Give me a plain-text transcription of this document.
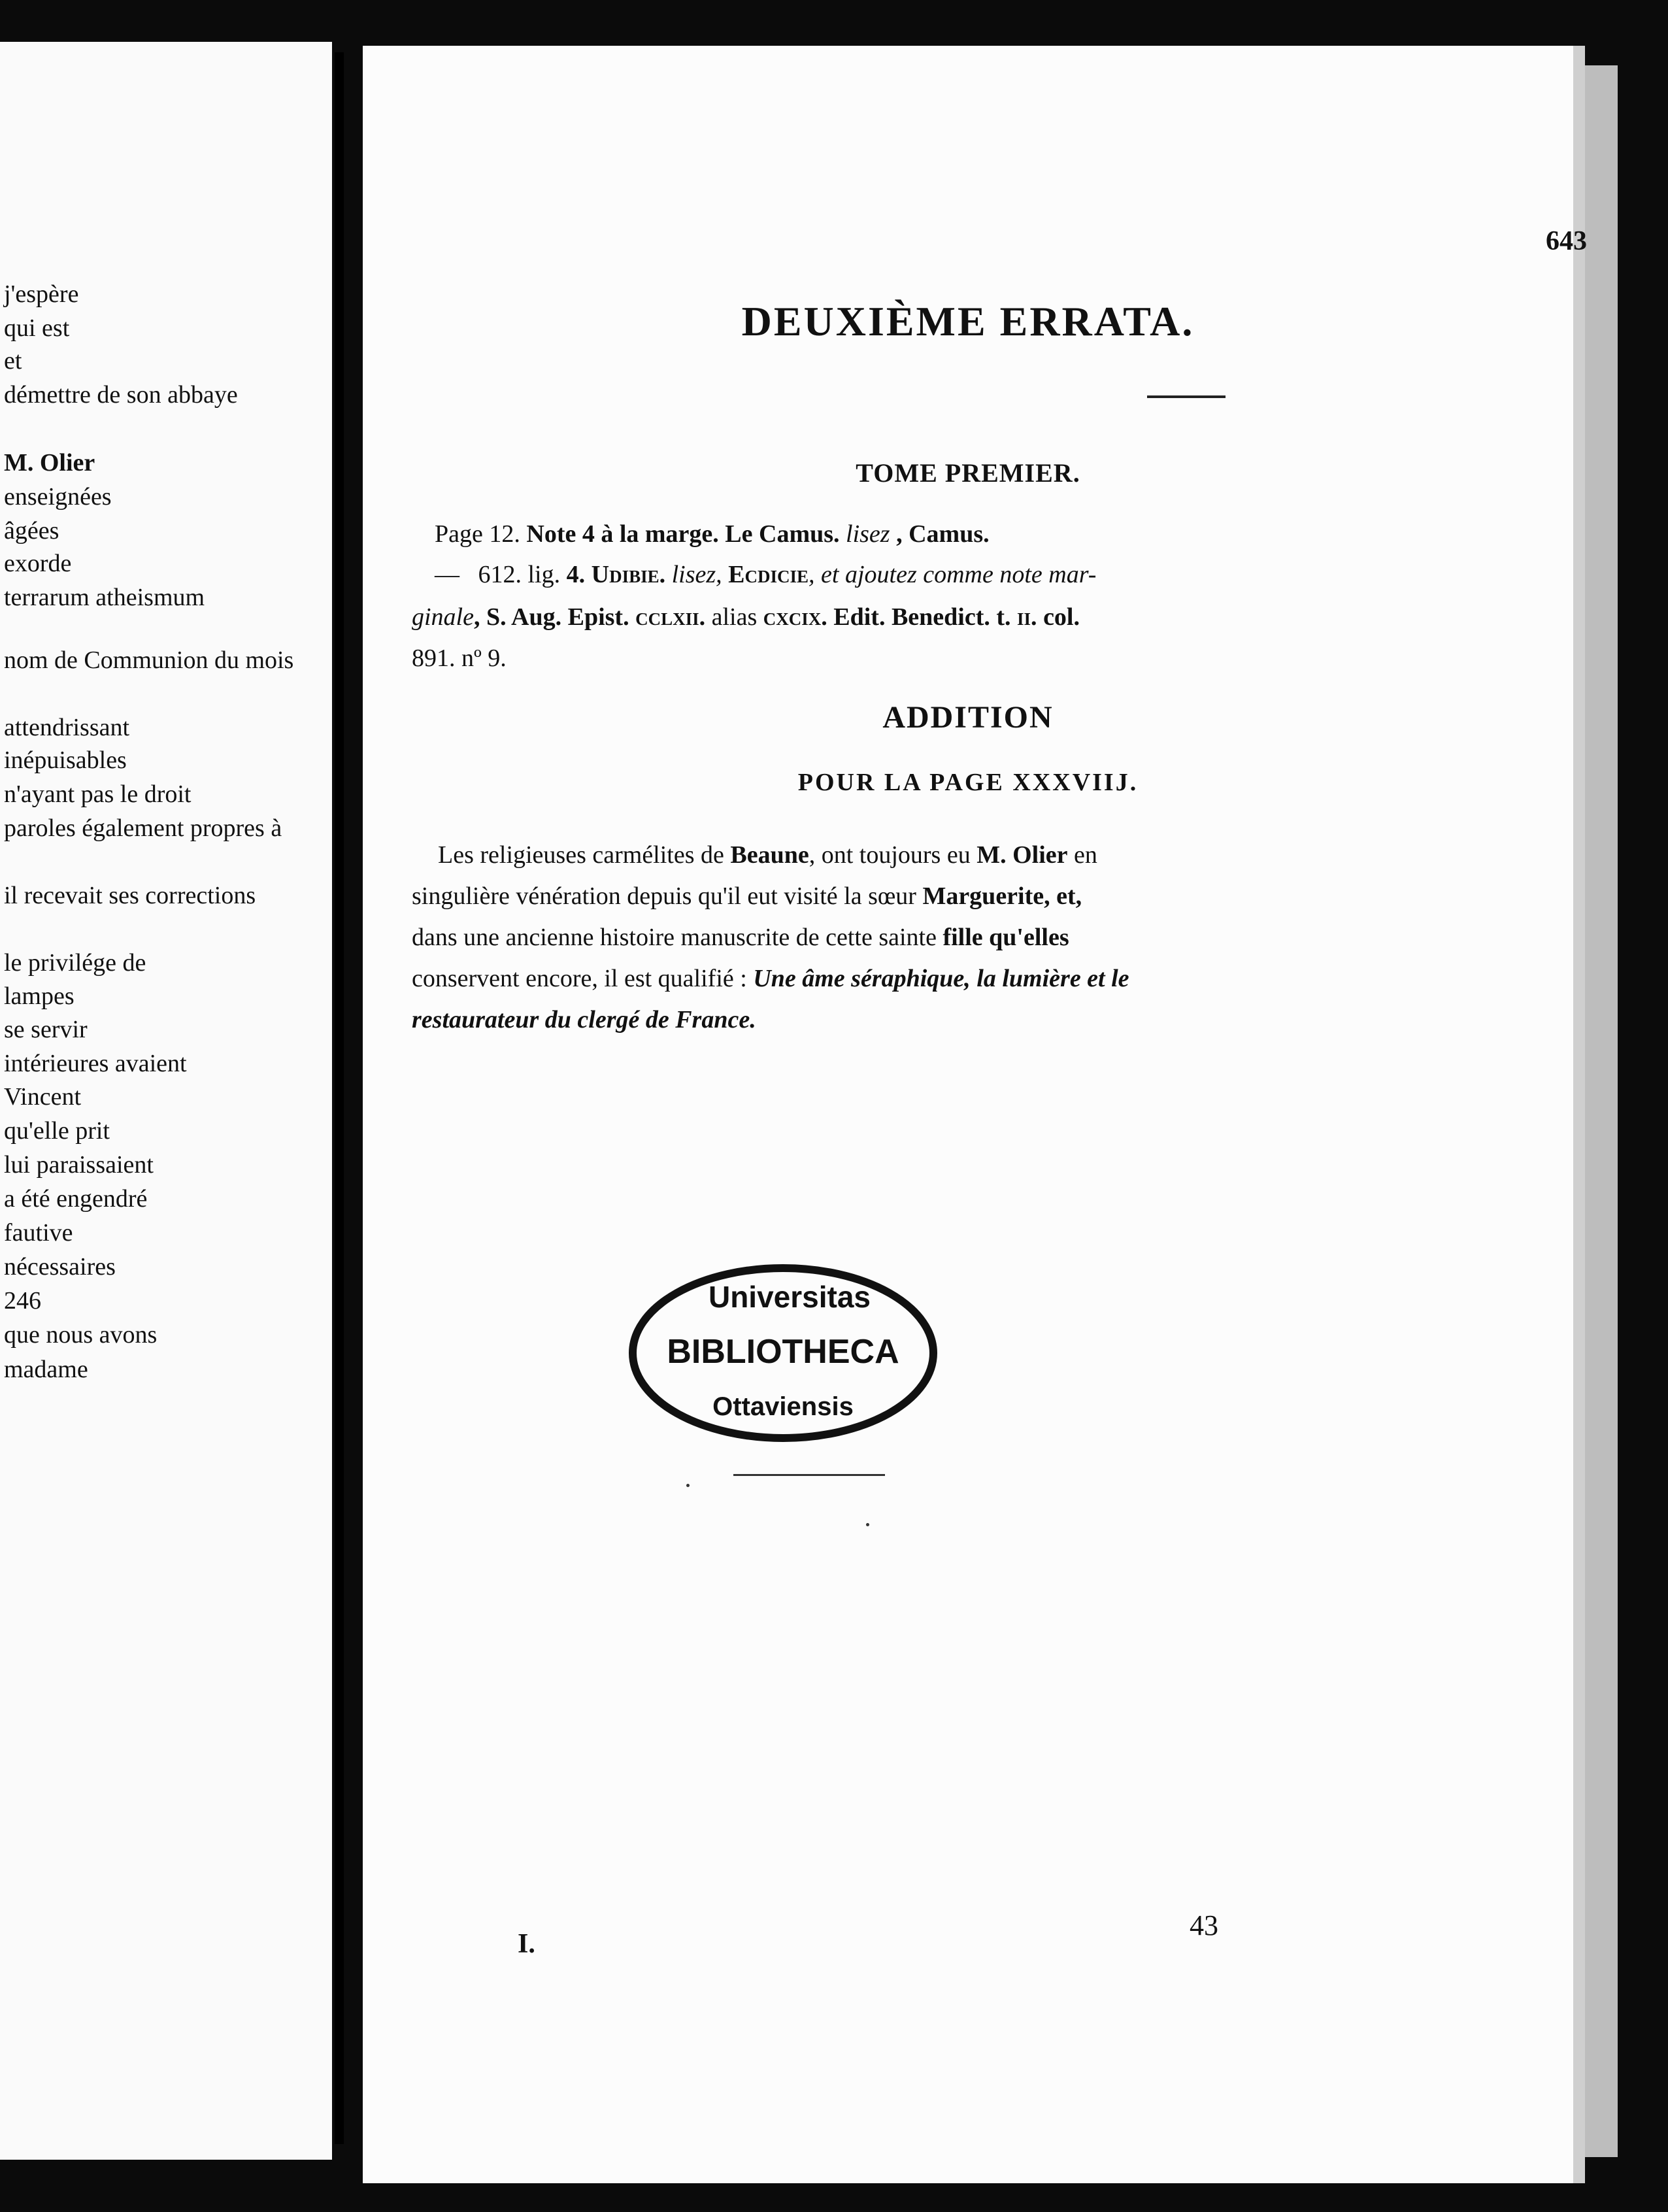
j'espère
qui est
et
démettre de son abbaye
M. Olier
enseignées
âgées
exorde
terrarum atheismum
nom de Communion du mois
attendrissant
inépuisables
n'ayant pas le droit
paroles également propres à
il recevait ses corrections
le privilége de
lampes
se servir
intérieures avaient
Vincent
qu'elle prit
lui paraissaient
a été engendré
fautive
nécessaires
246
que nous avons
madame
643
DEUXIÈME ERRATA.
TOME PREMIER.
Page 12. Note 4 à la marge. Le Camus. lisez , Camus.
— 612. lig. 4. Udibie. lisez, Ecdicie, et ajoutez comme note mar-
ginale, S. Aug. Epist. cclxii. alias cxcix. Edit. Benedict. t. ii. col.
891. nº 9.
ADDITION
POUR LA PAGE XXXVIIJ.
Les religieuses carmélites de Beaune, ont toujours eu M. Olier en
singulière vénération depuis qu'il eut visité la sœur Marguerite, et,
dans une ancienne histoire manuscrite de cette sainte fille qu'elles
conservent encore, il est qualifié : Une âme séraphique, la lumière et le
restaurateur du clergé de France.
Universitas
BIBLIOTHECA
Ottaviensis
I.
43
